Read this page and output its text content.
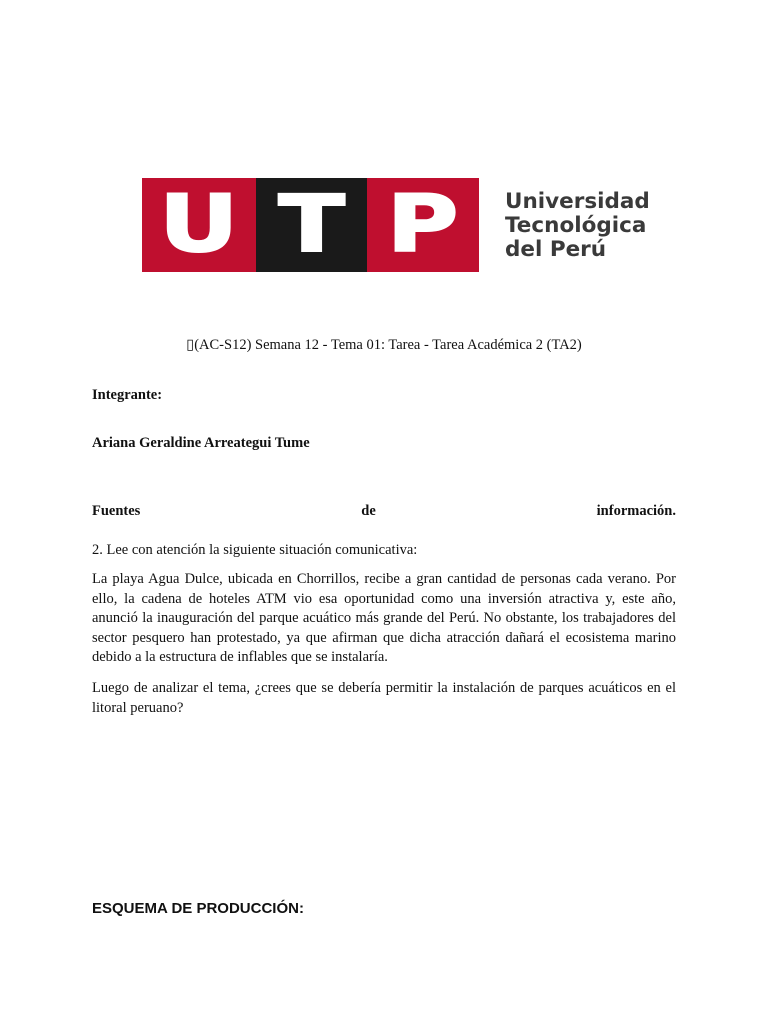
U T P Universidad
Tecnológica
del Perú
▯(AC-S12) Semana 12 - Tema 01: Tarea - Tarea Académica 2 (TA2)
Integrante:
Ariana Geraldine Arreategui Tume
Fuentes	de	información.
2. Lee con atención la siguiente situación comunicativa:
La playa Agua Dulce, ubicada en Chorrillos, recibe a gran cantidad de personas cada verano. Por ello, la cadena de hoteles ATM vio esa oportunidad como una inversión atractiva y, este año, anunció la inauguración del parque acuático más grande del Perú. No obstante, los trabajadores del sector pesquero han protestado, ya que afirman que dicha atracción dañará el ecosistema marino debido a la estructura de inflables que se instalaría.
Luego de analizar el tema, ¿crees que se debería permitir la instalación de parques acuáticos en el litoral peruano?
ESQUEMA DE PRODUCCIÓN:
